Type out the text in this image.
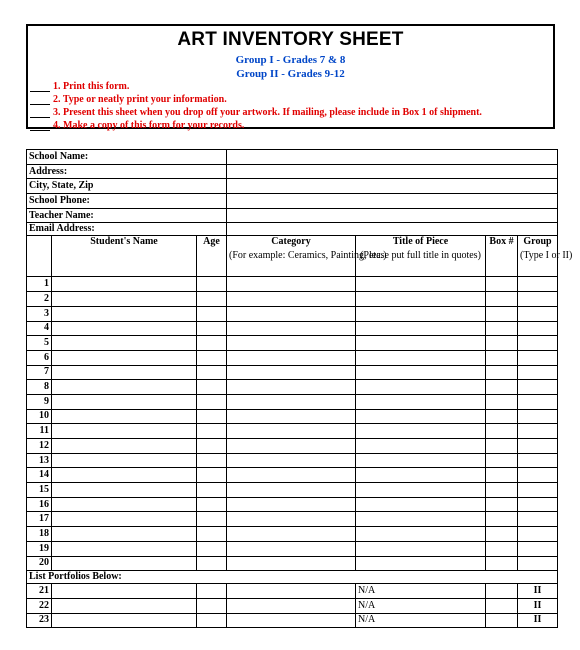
ART INVENTORY SHEET
Group I - Grades 7 & 8
Group II - Grades 9-12
1. Print this form.
2. Type or neatly print your information.
3. Present this sheet when you drop off your artwork. If mailing, please include in Box 1 of shipment.
4. Make a copy of this form for your records.
School Name:						
Address:						
City, State, Zip						
School Phone:						
Teacher Name:						
Email Address:						
	Student's Name	Age	Category	Title of Piece	Box #	Group
			(For example: Ceramics, Painting, etc.)	(Please put full title in quotes)		(Type I or II)
1						
2						
3						
4						
5						
6						
7						
8						
9						
10						
11						
12						
13						
14						
15						
16						
17						
18						
19						
20						
List Portfolios Below:						
21				N/A		II
22				N/A		II
23				N/A		II
